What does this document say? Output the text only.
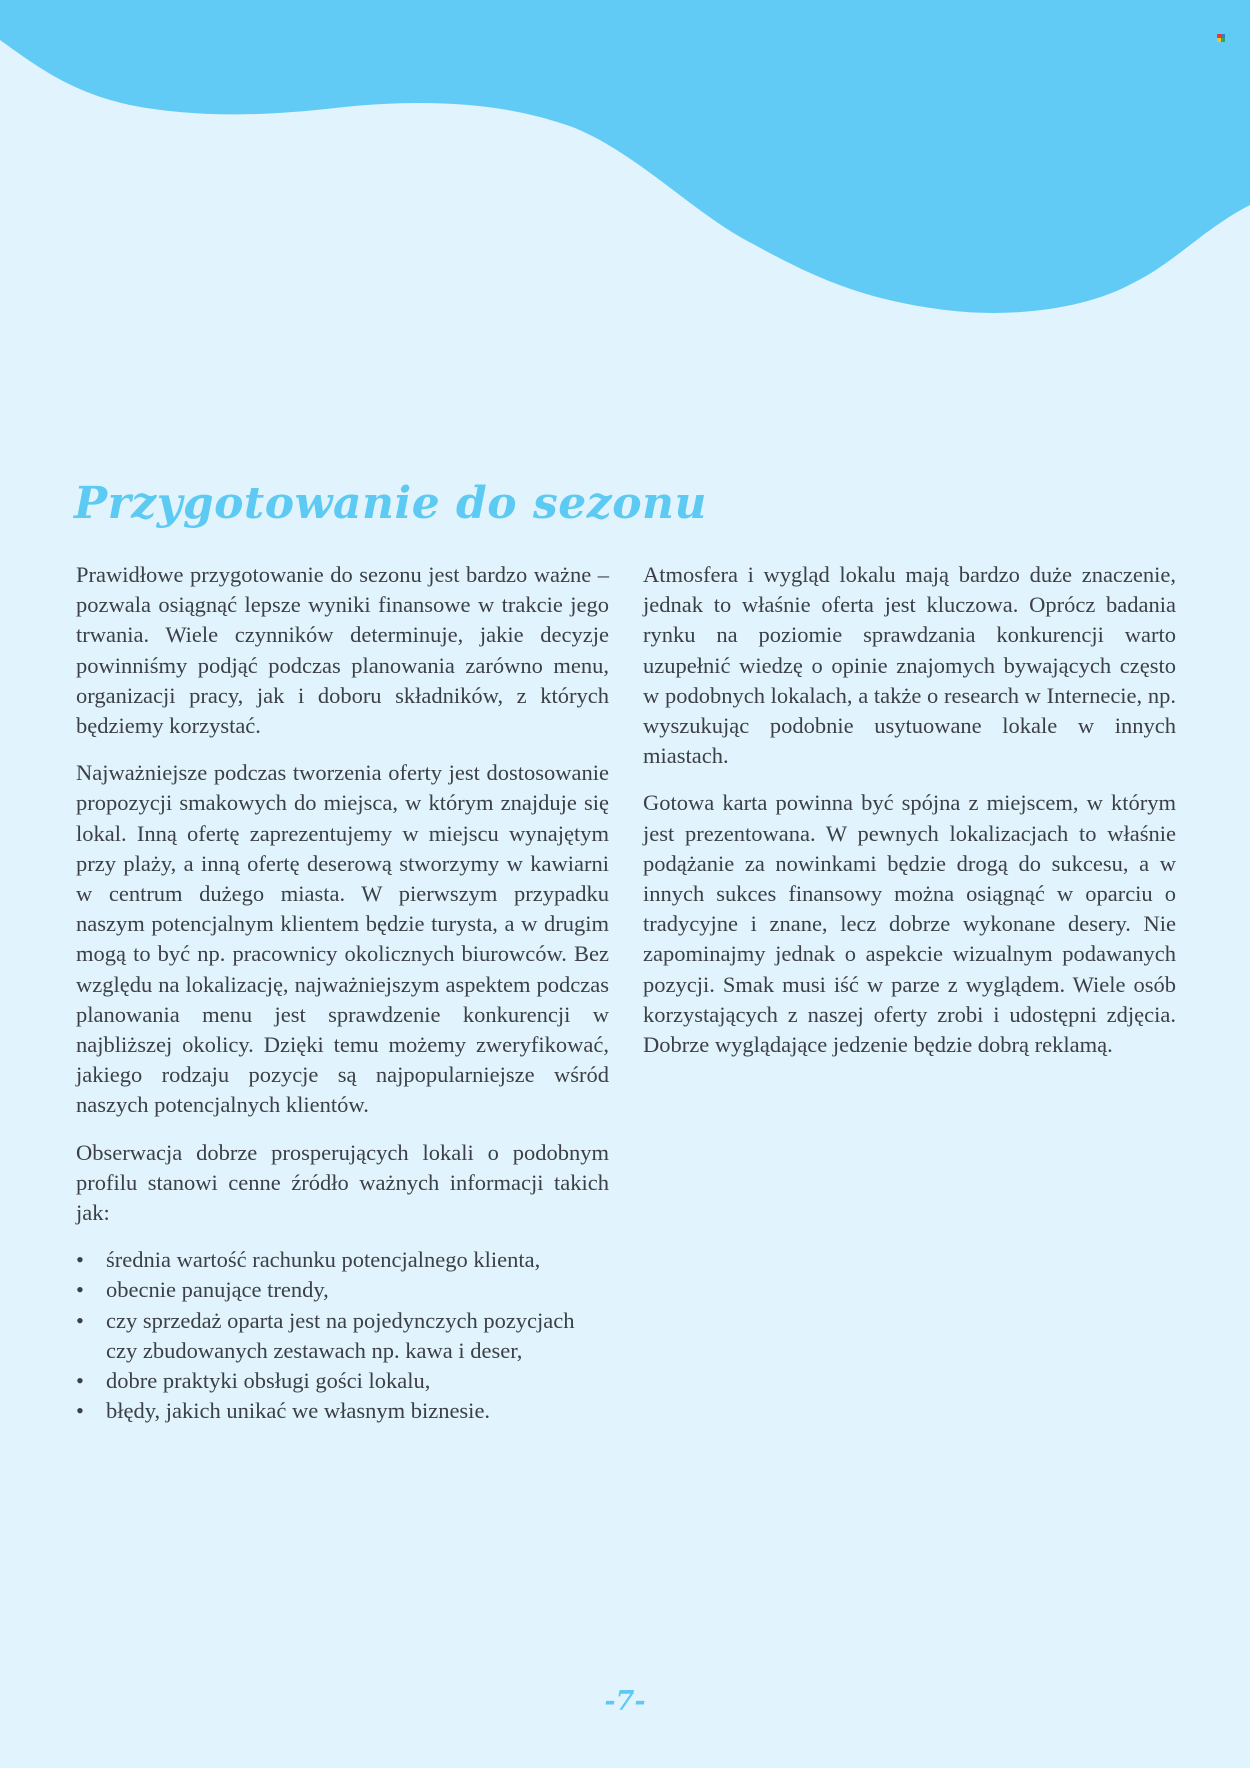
Przygotowanie do sezonu

Prawidłowe przygotowanie do sezonu jest bardzo ważne – pozwala osiągnąć lepsze wyniki finansowe w trakcie jego trwania. Wiele czynników determinuje, jakie decyzje powinniśmy podjąć podczas planowania zarówno menu, organizacji pracy, jak i doboru składników, z których będziemy korzystać.

Najważniejsze podczas tworzenia oferty jest dostosowanie propozycji smakowych do miejsca, w którym znajduje się lokal. Inną ofertę zaprezentujemy w miejscu wynajętym przy plaży, a inną ofertę deserową stworzymy w kawiarni w centrum dużego miasta. W pierwszym przypadku naszym potencjalnym klientem będzie turysta, a w drugim mogą to być np. pracownicy okolicznych biurowców. Bez względu na lokalizację, najważniejszym aspektem podczas planowania menu jest sprawdzenie konkurencji w najbliższej okolicy. Dzięki temu możemy zweryfikować, jakiego rodzaju pozycje są najpopularniejsze wśród naszych potencjalnych klientów.

Obserwacja dobrze prosperujących lokali o podobnym profilu stanowi cenne źródło ważnych informacji takich jak:

• średnia wartość rachunku potencjalnego klienta,
• obecnie panujące trendy,
• czy sprzedaż oparta jest na pojedynczych pozycjach czy zbudowanych zestawach np. kawa i deser,
• dobre praktyki obsługi gości lokalu,
• błędy, jakich unikać we własnym biznesie.

Atmosfera i wygląd lokalu mają bardzo duże znaczenie, jednak to właśnie oferta jest kluczowa. Oprócz badania rynku na poziomie sprawdzania konkurencji warto uzupełnić wiedzę o opinie znajomych bywających często w podobnych lokalach, a także o research w Internecie, np. wyszukując podobnie usytuowane lokale w innych miastach.

Gotowa karta powinna być spójna z miejscem, w którym jest prezentowana. W pewnych lokalizacjach to właśnie podążanie za nowinkami będzie drogą do sukcesu, a w innych sukces finansowy można osiągnąć w oparciu o tradycyjne i znane, lecz dobrze wykonane desery. Nie zapominajmy jednak o aspekcie wizualnym podawanych pozycji. Smak musi iść w parze z wyglądem. Wiele osób korzystających z naszej oferty zrobi i udostępni zdjęcia. Dobrze wyglądające jedzenie będzie dobrą reklamą.

-7-
